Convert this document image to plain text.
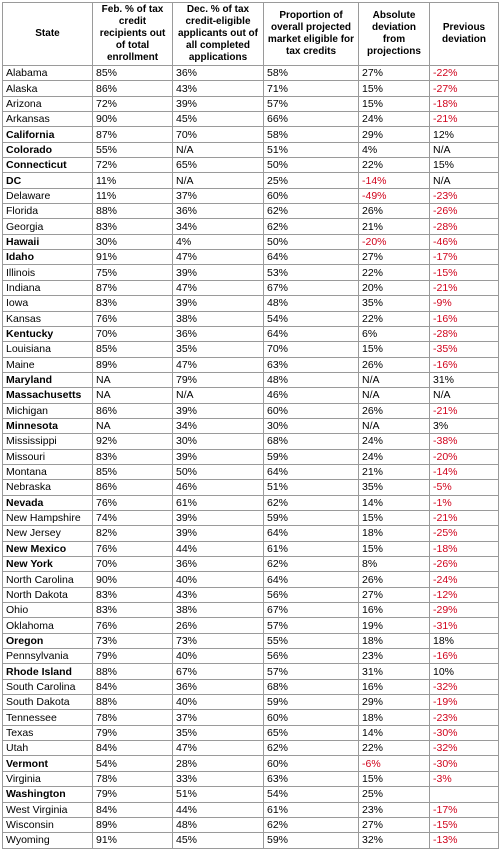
State	Feb. % of tax credit recipients out of total enrollment	Dec. % of tax credit-eligible applicants out of all completed applications	Proportion of overall projected market eligible for tax credits	Absolute deviation from projections	Previous deviation
Alabama	85%	36%	58%	27%	-22%
Alaska	86%	43%	71%	15%	-27%
Arizona	72%	39%	57%	15%	-18%
Arkansas	90%	45%	66%	24%	-21%
California	87%	70%	58%	29%	12%
Colorado	55%	N/A	51%	4%	N/A
Connecticut	72%	65%	50%	22%	15%
DC	11%	N/A	25%	-14%	N/A
Delaware	11%	37%	60%	-49%	-23%
Florida	88%	36%	62%	26%	-26%
Georgia	83%	34%	62%	21%	-28%
Hawaii	30%	4%	50%	-20%	-46%
Idaho	91%	47%	64%	27%	-17%
Illinois	75%	39%	53%	22%	-15%
Indiana	87%	47%	67%	20%	-21%
Iowa	83%	39%	48%	35%	-9%
Kansas	76%	38%	54%	22%	-16%
Kentucky	70%	36%	64%	6%	-28%
Louisiana	85%	35%	70%	15%	-35%
Maine	89%	47%	63%	26%	-16%
Maryland	NA	79%	48%	N/A	31%
Massachusetts	NA	N/A	46%	N/A	N/A
Michigan	86%	39%	60%	26%	-21%
Minnesota	NA	34%	30%	N/A	3%
Mississippi	92%	30%	68%	24%	-38%
Missouri	83%	39%	59%	24%	-20%
Montana	85%	50%	64%	21%	-14%
Nebraska	86%	46%	51%	35%	-5%
Nevada	76%	61%	62%	14%	-1%
New Hampshire	74%	39%	59%	15%	-21%
New Jersey	82%	39%	64%	18%	-25%
New Mexico	76%	44%	61%	15%	-18%
New York	70%	36%	62%	8%	-26%
North Carolina	90%	40%	64%	26%	-24%
North Dakota	83%	43%	56%	27%	-12%
Ohio	83%	38%	67%	16%	-29%
Oklahoma	76%	26%	57%	19%	-31%
Oregon	73%	73%	55%	18%	18%
Pennsylvania	79%	40%	56%	23%	-16%
Rhode Island	88%	67%	57%	31%	10%
South Carolina	84%	36%	68%	16%	-32%
South Dakota	88%	40%	59%	29%	-19%
Tennessee	78%	37%	60%	18%	-23%
Texas	79%	35%	65%	14%	-30%
Utah	84%	47%	62%	22%	-32%
Vermont	54%	28%	60%	-6%	-30%
Virginia	78%	33%	63%	15%	-3%
Washington	79%	51%	54%	25%	
West Virginia	84%	44%	61%	23%	-17%
Wisconsin	89%	48%	62%	27%	-15%
Wyoming	91%	45%	59%	32%	-13%
